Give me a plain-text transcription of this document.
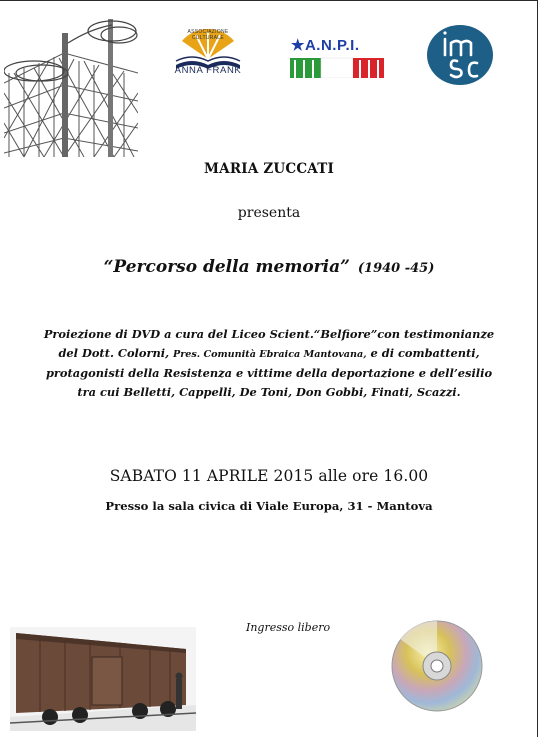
ASSOCIAZIONE CULTURALE
ANNA FRANK
★A.N.P.I.
MARIA ZUCCATI
presenta
“Percorso della memoria” (1940 -45)
Proiezione di DVD a cura del Liceo Scient.“Belfiore”con testimonianze
del Dott. Colorni, Pres. Comunità Ebraica Mantovana, e di combattenti,
protagonisti della Resistenza e vittime della deportazione e dell’esilio
tra cui Belletti, Cappelli, De Toni, Don Gobbi, Finati, Scazzi.
SABATO 11 APRILE 2015 alle ore 16.00
Presso la sala civica di Viale Europa, 31 - Mantova
Ingresso libero
